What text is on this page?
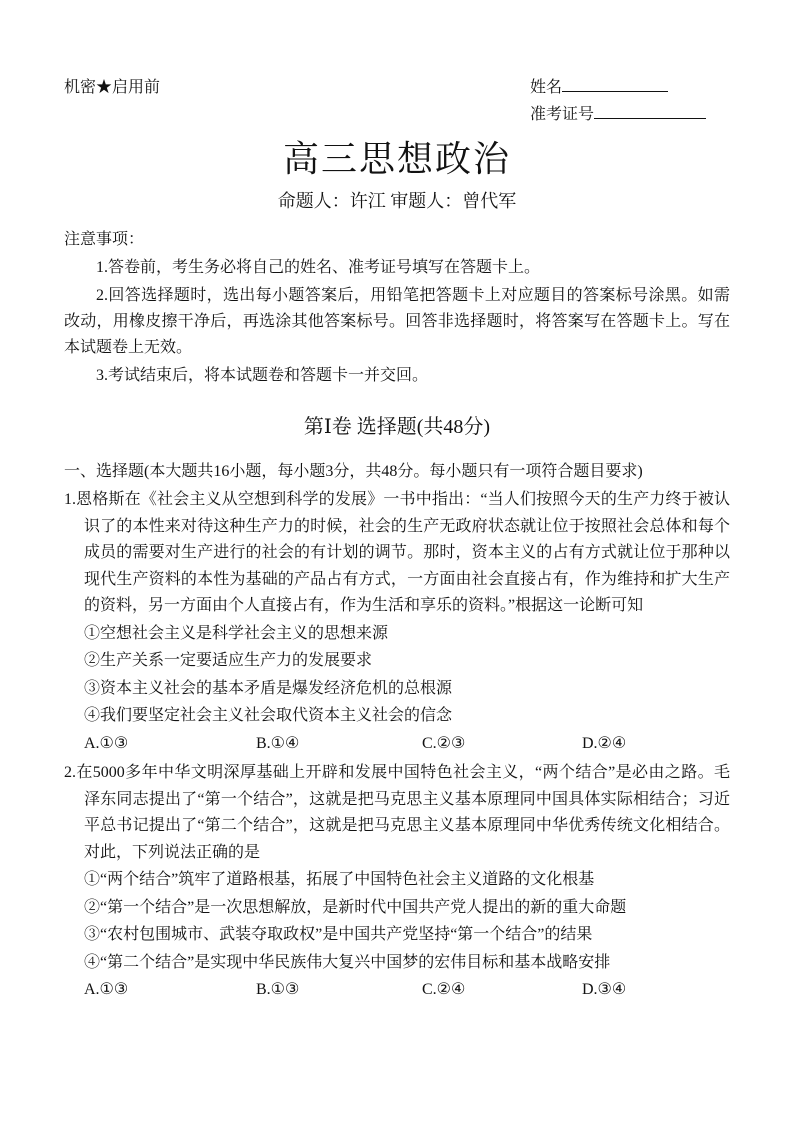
机密★启用前	姓名
准考证号
高三思想政治
命题人：许江 审题人：曾代军
注意事项：

1.答卷前，考生务必将自己的姓名、准考证号填写在答题卡上。

2.回答选择题时，选出每小题答案后，用铅笔把答题卡上对应题目的答案标号涂黑。如需改动，用橡皮擦干净后，再选涂其他答案标号。回答非选择题时，将答案写在答题卡上。写在本试题卷上无效。

3.考试结束后，将本试题卷和答题卡一并交回。

第Ⅰ卷 选择题(共48分)

一、选择题(本大题共16小题，每小题3分，共48分。每小题只有一项符合题目要求)

1.恩格斯在《社会主义从空想到科学的发展》一书中指出：“当人们按照今天的生产力终于被认识了的本性来对待这种生产力的时候，社会的生产无政府状态就让位于按照社会总体和每个成员的需要对生产进行的社会的有计划的调节。那时，资本主义的占有方式就让位于那种以现代生产资料的本性为基础的产品占有方式，一方面由社会直接占有，作为维持和扩大生产的资料，另一方面由个人直接占有，作为生活和享乐的资料。”根据这一论断可知

①空想社会主义是科学社会主义的思想来源

②生产关系一定要适应生产力的发展要求

③资本主义社会的基本矛盾是爆发经济危机的总根源

④我们要坚定社会主义社会取代资本主义社会的信念

A.①③	B.①④	C.②③	D.②④

2.在5000多年中华文明深厚基础上开辟和发展中国特色社会主义，“两个结合”是必由之路。毛泽东同志提出了“第一个结合”，这就是把马克思主义基本原理同中国具体实际相结合；习近平总书记提出了“第二个结合”，这就是把马克思主义基本原理同中华优秀传统文化相结合。对此，下列说法正确的是

①“两个结合”筑牢了道路根基，拓展了中国特色社会主义道路的文化根基

②“第一个结合”是一次思想解放，是新时代中国共产党人提出的新的重大命题

③“农村包围城市、武装夺取政权”是中国共产党坚持“第一个结合”的结果

④“第二个结合”是实现中华民族伟大复兴中国梦的宏伟目标和基本战略安排

A.①③	B.①③	C.②④	D.③④
